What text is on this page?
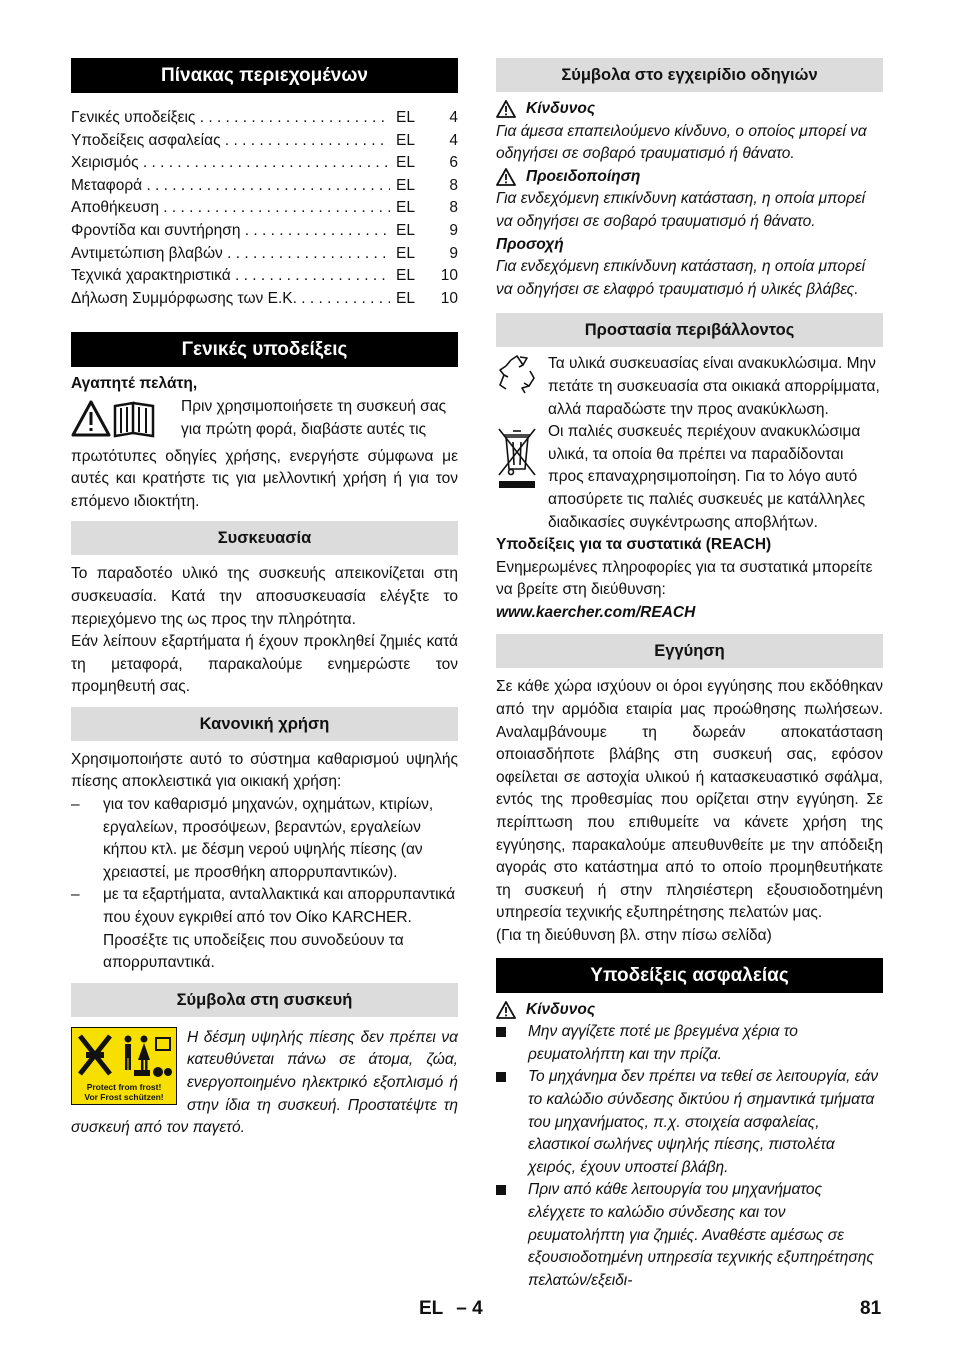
Πίνακας περιεχομένων
Γενικές υποδείξεις . . .	EL	4
Υποδείξεις ασφαλείας . . .	EL	4
Χειρισμός . . .	EL	6
Μεταφορά . . .	EL	8
Αποθήκευση . . .	EL	8
Φροντίδα και συντήρηση . . .	EL	9
Αντιμετώπιση βλαβών . . .	EL	9
Τεχνικά χαρακτηριστικά . . .	EL	10
Δήλωση Συμμόρφωσης των Ε.Κ. . . .	EL	10
Γενικές υποδείξεις

Αγαπητέ πελάτη,

Πριν χρησιμοποιήσετε τη συσκευή σας

για πρώτη φορά, διαβάστε αυτές τις

πρωτότυπες οδηγίες χρήσης, ενεργήστε σύμφωνα με αυτές και κρατήστε τις για μελλοντική χρήση ή για τον επόμενο ιδιοκτήτη.

Συσκευασία

Το παραδοτέο υλικό της συσκευής απεικονίζεται στη συσκευασία. Κατά την αποσυσκευασία ελέγξτε το περιεχόμενο της ως προς την πληρότητα.

Εάν λείπουν εξαρτήματα ή έχουν προκληθεί ζημιές κατά τη μεταφορά, παρακαλούμε ενημερώστε τον προμηθευτή σας.

Κανονική χρήση

Χρησιμοποιήστε αυτό το σύστημα καθαρισμού υψηλής πίεσης αποκλειστικά για οικιακή χρήση:

–	για τον καθαρισμό μηχανών, οχημάτων, κτιρίων, εργαλείων, προσόψεων, βεραντών, εργαλείων κήπου κτλ. με δέσμη νερού υψηλής πίεσης (αν χρειαστεί, με προσθήκη απορρυπαντικών).
–	με τα εξαρτήματα, ανταλλακτικά και απορρυπαντικά που έχουν εγκριθεί από τον Οίκο KARCHER. Προσέξτε τις υποδείξεις που συνοδεύουν τα απορρυπαντικά.
Σύμβολα στη συσκευή
Protect from frost!
Vor Frost schützen!

Η δέσμη υψηλής πίεσης δεν πρέπει να κατευθύνεται πάνω σε άτομα, ζώα, ενεργοποιημένο ηλεκτρικό εξοπλισμό ή στην ίδια τη συσκευή. Προστατέψτε τη συσκευή από τον παγετό.

Σύμβολα στο εγχειρίδιο οδηγιών
Κίνδυνος

Για άμεσα επαπειλούμενο κίνδυνο, ο οποίος μπορεί να οδηγήσει σε σοβαρό τραυματισμό ή θάνατο.

Προειδοποίηση

Για ενδεχόμενη επικίνδυνη κατάσταση, η οποία μπορεί να οδηγήσει σε σοβαρό τραυματισμό ή θάνατο.

Προσοχή

Για ενδεχόμενη επικίνδυνη κατάσταση, η οποία μπορεί να οδηγήσει σε ελαφρό τραυματισμό ή υλικές βλάβες.

Προστασία περιβάλλοντος

Τα υλικά συσκευασίας είναι ανακυκλώσιμα. Μην πετάτε τη συσκευασία στα οικιακά απορρίμματα, αλλά παραδώστε την προς ανακύκλωση.

Οι παλιές συσκευές περιέχουν ανακυκλώσιμα υλικά, τα οποία θα πρέπει να παραδίδονται προς επαναχρησιμοποίηση. Για το λόγο αυτό αποσύρετε τις παλιές συσκευές με κατάλληλες διαδικασίες συγκέντρωσης αποβλήτων.

Υποδείξεις για τα συστατικά (REACH)

Ενημερωμένες πληροφορίες για τα συστατικά μπορείτε να βρείτε στη διεύθυνση:

www.kaercher.com/REACH

Εγγύηση

Σε κάθε χώρα ισχύουν οι όροι εγγύησης που εκδόθηκαν από την αρμόδια εταιρία μας προώθησης πωλήσεων. Αναλαμβάνουμε τη δωρεάν αποκατάσταση οποιασδήποτε βλάβης στη συσκευή σας, εφόσον οφείλεται σε αστοχία υλικού ή κατασκευαστικό σφάλμα, εντός της προθεσμίας που ορίζεται στην εγγύηση. Σε περίπτωση που επιθυμείτε να κάνετε χρήση της εγγύησης, παρακαλούμε απευθυνθείτε με την απόδειξη αγοράς στο κατάστημα από το οποίο προμηθευτήκατε τη συσκευή ή στην πλησιέστερη εξουσιοδοτημένη υπηρεσία τεχνικής εξυπηρέτησης πελατών μας.

(Για τη διεύθυνση βλ. στην πίσω σελίδα)

Υποδείξεις ασφαλείας
Κίνδυνος

Μην αγγίζετε ποτέ με βρεγμένα χέρια το ρευματολήπτη και την πρίζα.

Το μηχάνημα δεν πρέπει να τεθεί σε λειτουργία, εάν το καλώδιο σύνδεσης δικτύου ή σημαντικά τμήματα του μηχανήματος, π.χ. στοιχεία ασφαλείας, ελαστικοί σωλήνες υψηλής πίεσης, πιστολέτα χειρός, έχουν υποστεί βλάβη.

Πριν από κάθε λειτουργία του μηχανήματος ελέγχετε το καλώδιο σύνδεσης και τον ρευματολήπτη για ζημιές. Αναθέστε αμέσως σε εξουσιοδοτημένη υπηρεσία τεχνικής εξυπηρέτησης πελατών/εξειδι-

EL – 4	81
